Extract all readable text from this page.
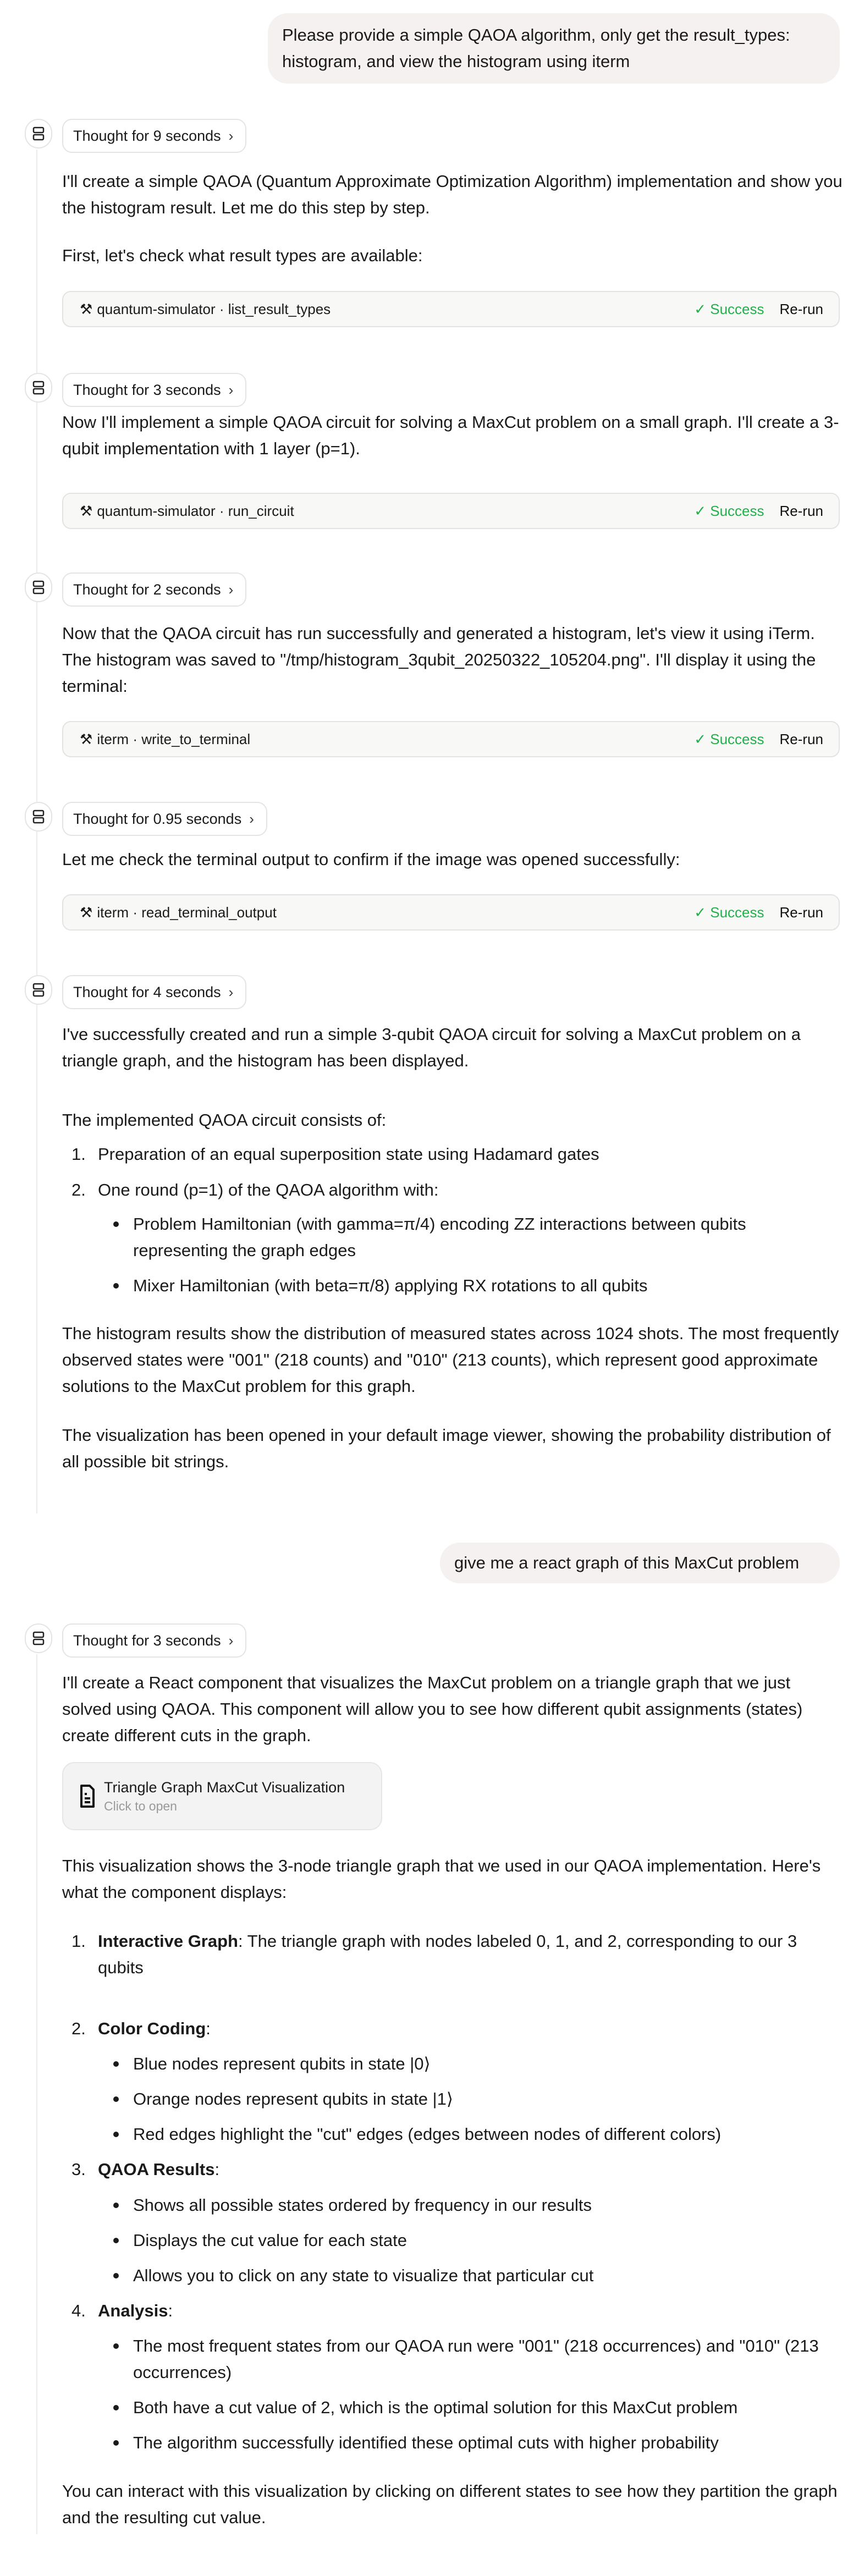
Please provide a simple QAOA algorithm, only get the result_types: histogram, and view the histogram using iterm
Thought for 9 seconds ›
I'll create a simple QAOA (Quantum Approximate Optimization Algorithm) implementation and show you the histogram result. Let me do this step by step.
First, let's check what result types are available:
⚒ quantum-simulator · list_result_types	✓ Success Re-run
Thought for 3 seconds ›
Now I'll implement a simple QAOA circuit for solving a MaxCut problem on a small graph. I'll create a 3-qubit implementation with 1 layer (p=1).
⚒ quantum-simulator · run_circuit	✓ Success Re-run
Thought for 2 seconds ›
Now that the QAOA circuit has run successfully and generated a histogram, let's view it using iTerm. The histogram was saved to "/tmp/histogram_3qubit_20250322_105204.png". I'll display it using the terminal:
⚒ iterm · write_to_terminal	✓ Success Re-run
Thought for 0.95 seconds ›
Let me check the terminal output to confirm if the image was opened successfully:
⚒ iterm · read_terminal_output	✓ Success Re-run
Thought for 4 seconds ›
I've successfully created and run a simple 3-qubit QAOA circuit for solving a MaxCut problem on a triangle graph, and the histogram has been displayed.
The implemented QAOA circuit consists of:
1. Preparation of an equal superposition state using Hadamard gates
2. One round (p=1) of the QAOA algorithm with:
Problem Hamiltonian (with gamma=π/4) encoding ZZ interactions between qubits representing the graph edges
Mixer Hamiltonian (with beta=π/8) applying RX rotations to all qubits
The histogram results show the distribution of measured states across 1024 shots. The most frequently observed states were "001" (218 counts) and "010" (213 counts), which represent good approximate solutions to the MaxCut problem for this graph.
The visualization has been opened in your default image viewer, showing the probability distribution of all possible bit strings.
give me a react graph of this MaxCut problem
Thought for 3 seconds ›
I'll create a React component that visualizes the MaxCut problem on a triangle graph that we just solved using QAOA. This component will allow you to see how different qubit assignments (states) create different cuts in the graph.
Triangle Graph MaxCut Visualization
Click to open
This visualization shows the 3-node triangle graph that we used in our QAOA implementation. Here's what the component displays:
1. Interactive Graph: The triangle graph with nodes labeled 0, 1, and 2, corresponding to our 3 qubits
2. Color Coding:
Blue nodes represent qubits in state |0⟩
Orange nodes represent qubits in state |1⟩
Red edges highlight the "cut" edges (edges between nodes of different colors)
3. QAOA Results:
Shows all possible states ordered by frequency in our results
Displays the cut value for each state
Allows you to click on any state to visualize that particular cut
4. Analysis:
The most frequent states from our QAOA run were "001" (218 occurrences) and "010" (213 occurrences)
Both have a cut value of 2, which is the optimal solution for this MaxCut problem
The algorithm successfully identified these optimal cuts with higher probability
You can interact with this visualization by clicking on different states to see how they partition the graph and the resulting cut value.
